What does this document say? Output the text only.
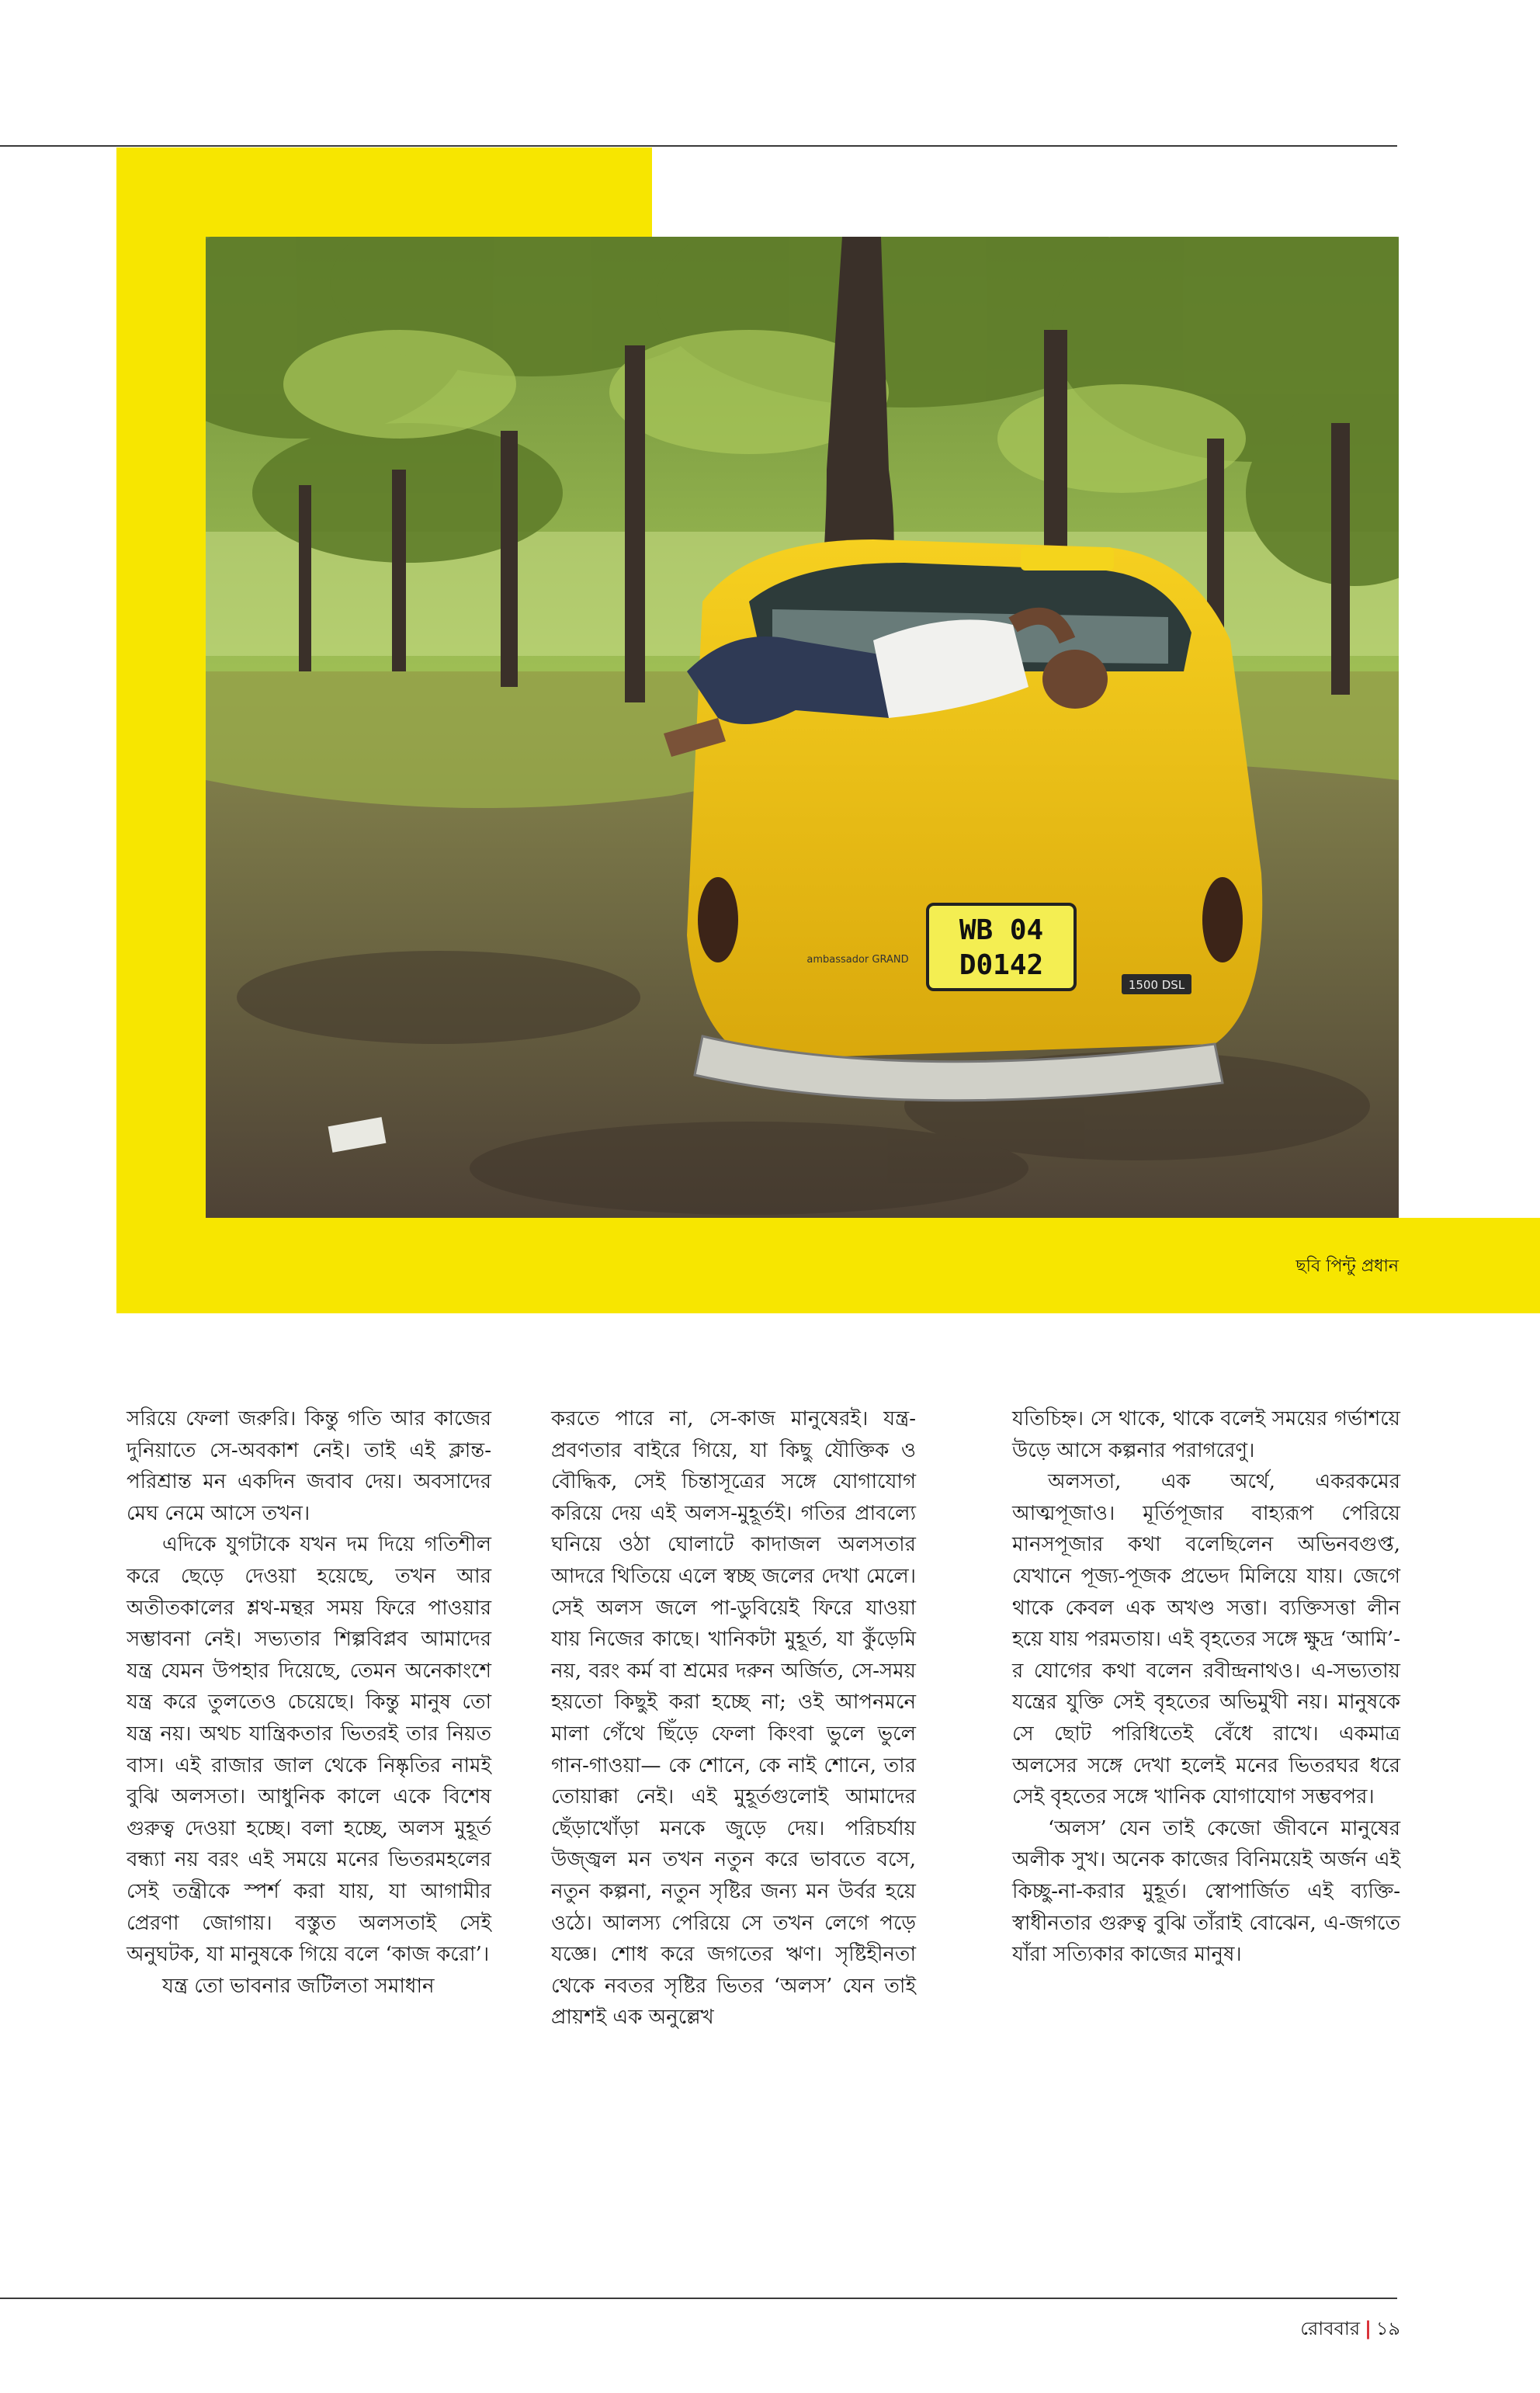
WB 04
D0142
ambassador GRAND
1500 DSL
ছবি পিন্টু প্রধান

সরিয়ে ফেলা জরুরি। কিন্তু গতি আর কাজের দুনিয়াতে সে-অবকাশ নেই। তাই এই ক্লান্ত-পরিশ্রান্ত মন একদিন জবাব দেয়। অবসাদের মেঘ নেমে আসে তখন।

এদিকে যুগটাকে যখন দম দিয়ে গতিশীল করে ছেড়ে দেওয়া হয়েছে, তখন আর অতীতকালের শ্লথ-মন্থর সময় ফিরে পাওয়ার সম্ভাবনা নেই। সভ্যতার শিল্পবিপ্লব আমাদের যন্ত্র যেমন উপহার দিয়েছে, তেমন অনেকাংশে যন্ত্র করে তুলতেও চেয়েছে। কিন্তু মানুষ তো যন্ত্র নয়। অথচ যান্ত্রিকতার ভিতরই তার নিয়ত বাস। এই রাজার জাল থেকে নিষ্কৃতির নামই বুঝি অলসতা। আধুনিক কালে একে বিশেষ গুরুত্ব দেওয়া হচ্ছে। বলা হচ্ছে, অলস মুহূর্ত বন্ধ্যা নয় বরং এই সময়ে মনের ভিতরমহলের সেই তন্ত্রীকে স্পর্শ করা যায়, যা আগামীর প্রেরণা জোগায়। বস্তুত অলসতাই সেই অনুঘটক, যা মানুষকে গিয়ে বলে ‘কাজ করো’।

যন্ত্র তো ভাবনার জটিলতা সমাধান

করতে পারে না, সে-কাজ মানুষেরই। যন্ত্র-প্রবণতার বাইরে গিয়ে, যা কিছু যৌক্তিক ও বৌদ্ধিক, সেই চিন্তাসূত্রের সঙ্গে যোগাযোগ করিয়ে দেয় এই অলস-মুহূর্তই। গতির প্রাবল্যে ঘনিয়ে ওঠা ঘোলাটে কাদাজল অলসতার আদরে থিতিয়ে এলে স্বচ্ছ জলের দেখা মেলে। সেই অলস জলে পা-ডুবিয়েই ফিরে যাওয়া যায় নিজের কাছে। খানিকটা মুহূর্ত, যা কুঁড়েমি নয়, বরং কর্ম বা শ্রমের দরুন অর্জিত, সে-সময় হয়তো কিছুই করা হচ্ছে না; ওই আপনমনে মালা গেঁথে ছিঁড়ে ফেলা কিংবা ভুলে ভুলে গান-গাওয়া— কে শোনে, কে নাই শোনে, তার তোয়াক্কা নেই। এই মুহূর্তগুলোই আমাদের ছেঁড়াখোঁড়া মনকে জুড়ে দেয়। পরিচর্যায় উজ্জ্বল মন তখন নতুন করে ভাবতে বসে, নতুন কল্পনা, নতুন সৃষ্টির জন্য মন উর্বর হয়ে ওঠে। আলস্য পেরিয়ে সে তখন লেগে পড়ে যজ্ঞে। শোধ করে জগতের ঋণ। সৃষ্টিহীনতা থেকে নবতর সৃষ্টির ভিতর ‘অলস’ যেন তাই প্রায়শই এক অনুল্লেখ

যতিচিহ্ন। সে থাকে, থাকে বলেই সময়ের গর্ভাশয়ে উড়ে আসে কল্পনার পরাগরেণু।

অলসতা, এক অর্থে, একরকমের আত্মপূজাও। মূর্তিপূজার বাহ্যরূপ পেরিয়ে মানসপূজার কথা বলেছিলেন অভিনবগুপ্ত, যেখানে পূজ্য-পূজক প্রভেদ মিলিয়ে যায়। জেগে থাকে কেবল এক অখণ্ড সত্তা। ব্যক্তিসত্তা লীন হয়ে যায় পরমতায়। এই বৃহতের সঙ্গে ক্ষুদ্র ‘আমি’-র যোগের কথা বলেন রবীন্দ্রনাথও। এ-সভ্যতায় যন্ত্রের যুক্তি সেই বৃহতের অভিমুখী নয়। মানুষকে সে ছোট পরিধিতেই বেঁধে রাখে। একমাত্র অলসের সঙ্গে দেখা হলেই মনের ভিতরঘর ধরে সেই বৃহতের সঙ্গে খানিক যোগাযোগ সম্ভবপর।

‘অলস’ যেন তাই কেজো জীবনে মানুষের অলীক সুখ। অনেক কাজের বিনিময়েই অর্জন এই কিচ্ছু-না-করার মুহূর্ত। স্বোপার্জিত এই ব্যক্তি-স্বাধীনতার গুরুত্ব বুঝি তাঁরাই বোঝেন, এ-জগতে যাঁরা সত্যিকার কাজের মানুষ।

রোববার | ১৯
